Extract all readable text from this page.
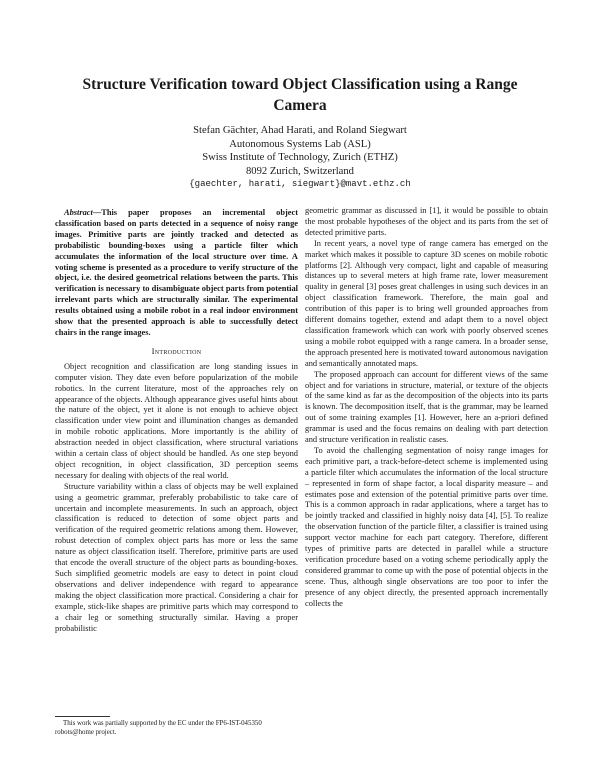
Structure Verification toward Object Classification using a Range Camera
Stefan Gächter, Ahad Harati, and Roland Siegwart
Autonomous Systems Lab (ASL)
Swiss Institute of Technology, Zurich (ETHZ)
8092 Zurich, Switzerland
{gaechter, harati, siegwart}@mavt.ethz.ch

Abstract—This paper proposes an incremental object classification based on parts detected in a sequence of noisy range images. Primitive parts are jointly tracked and detected as probabilistic bounding-boxes using a particle filter which accumulates the information of the local structure over time. A voting scheme is presented as a procedure to verify structure of the object, i.e. the desired geometrical relations between the parts. This verification is necessary to disambiguate object parts from potential irrelevant parts which are structurally similar. The experimental results obtained using a mobile robot in a real indoor environment show that the presented approach is able to successfully detect chairs in the range images.

Introduction

Object recognition and classification are long standing issues in computer vision. They date even before popularization of the mobile robotics. In the current literature, most of the approaches rely on appearance of the objects. Although appearance gives useful hints about the nature of the object, yet it alone is not enough to achieve object classification under view point and illumination changes as demanded in mobile robotic applications. More importantly is the ability of abstraction needed in object classification, where structural variations within a certain class of object should be handled. As one step beyond object recognition, in object classification, 3D perception seems necessary for dealing with objects of the real world.

Structure variability within a class of objects may be well explained using a geometric grammar, preferably probabilistic to take care of uncertain and incomplete measurements. In such an approach, object classification is reduced to detection of some object parts and verification of the required geometric relations among them. However, robust detection of complex object parts has more or less the same nature as object classification itself. Therefore, primitive parts are used that encode the overall structure of the object parts as bounding-boxes. Such simplified geometric models are easy to detect in point cloud observations and deliver independence with regard to appearance making the object classification more practical. Considering a chair for example, stick-like shapes are primitive parts which may correspond to a chair leg or something structurally similar. Having a proper probabilistic

geometric grammar as discussed in [1], it would be possible to obtain the most probable hypotheses of the object and its parts from the set of detected primitive parts.

In recent years, a novel type of range camera has emerged on the market which makes it possible to capture 3D scenes on mobile robotic platforms [2]. Although very compact, light and capable of measuring distances up to several meters at high frame rate, lower measurement quality in general [3] poses great challenges in using such devices in an object classification framework. Therefore, the main goal and contribution of this paper is to bring well grounded approaches from different domains together, extend and adapt them to a novel object classification framework which can work with poorly observed scenes using a mobile robot equipped with a range camera. In a broader sense, the approach presented here is motivated toward autonomous navigation and semantically annotated maps.

The proposed approach can account for different views of the same object and for variations in structure, material, or texture of the objects of the same kind as far as the decomposition of the objects into its parts is known. The decomposition itself, that is the grammar, may be learned out of some training examples [1]. However, here an a-priori defined grammar is used and the focus remains on dealing with part detection and structure verification in realistic cases.

To avoid the challenging segmentation of noisy range images for each primitive part, a track-before-detect scheme is implemented using a particle filter which accumulates the information of the local structure – represented in form of shape factor, a local disparity measure – and estimates pose and extension of the potential primitive parts over time. This is a common approach in radar applications, where a target has to be jointly tracked and classified in highly noisy data [4], [5]. To realize the observation function of the particle filter, a classifier is trained using support vector machine for each part category. Therefore, different types of primitive parts are detected in parallel while a structure verification procedure based on a voting scheme periodically apply the considered grammar to come up with the pose of potential objects in the scene. Thus, although single observations are too poor to infer the presence of any object directly, the presented approach incrementally collects the

This work was partially supported by the EC under the FP6-IST-045350 robots@home project.
